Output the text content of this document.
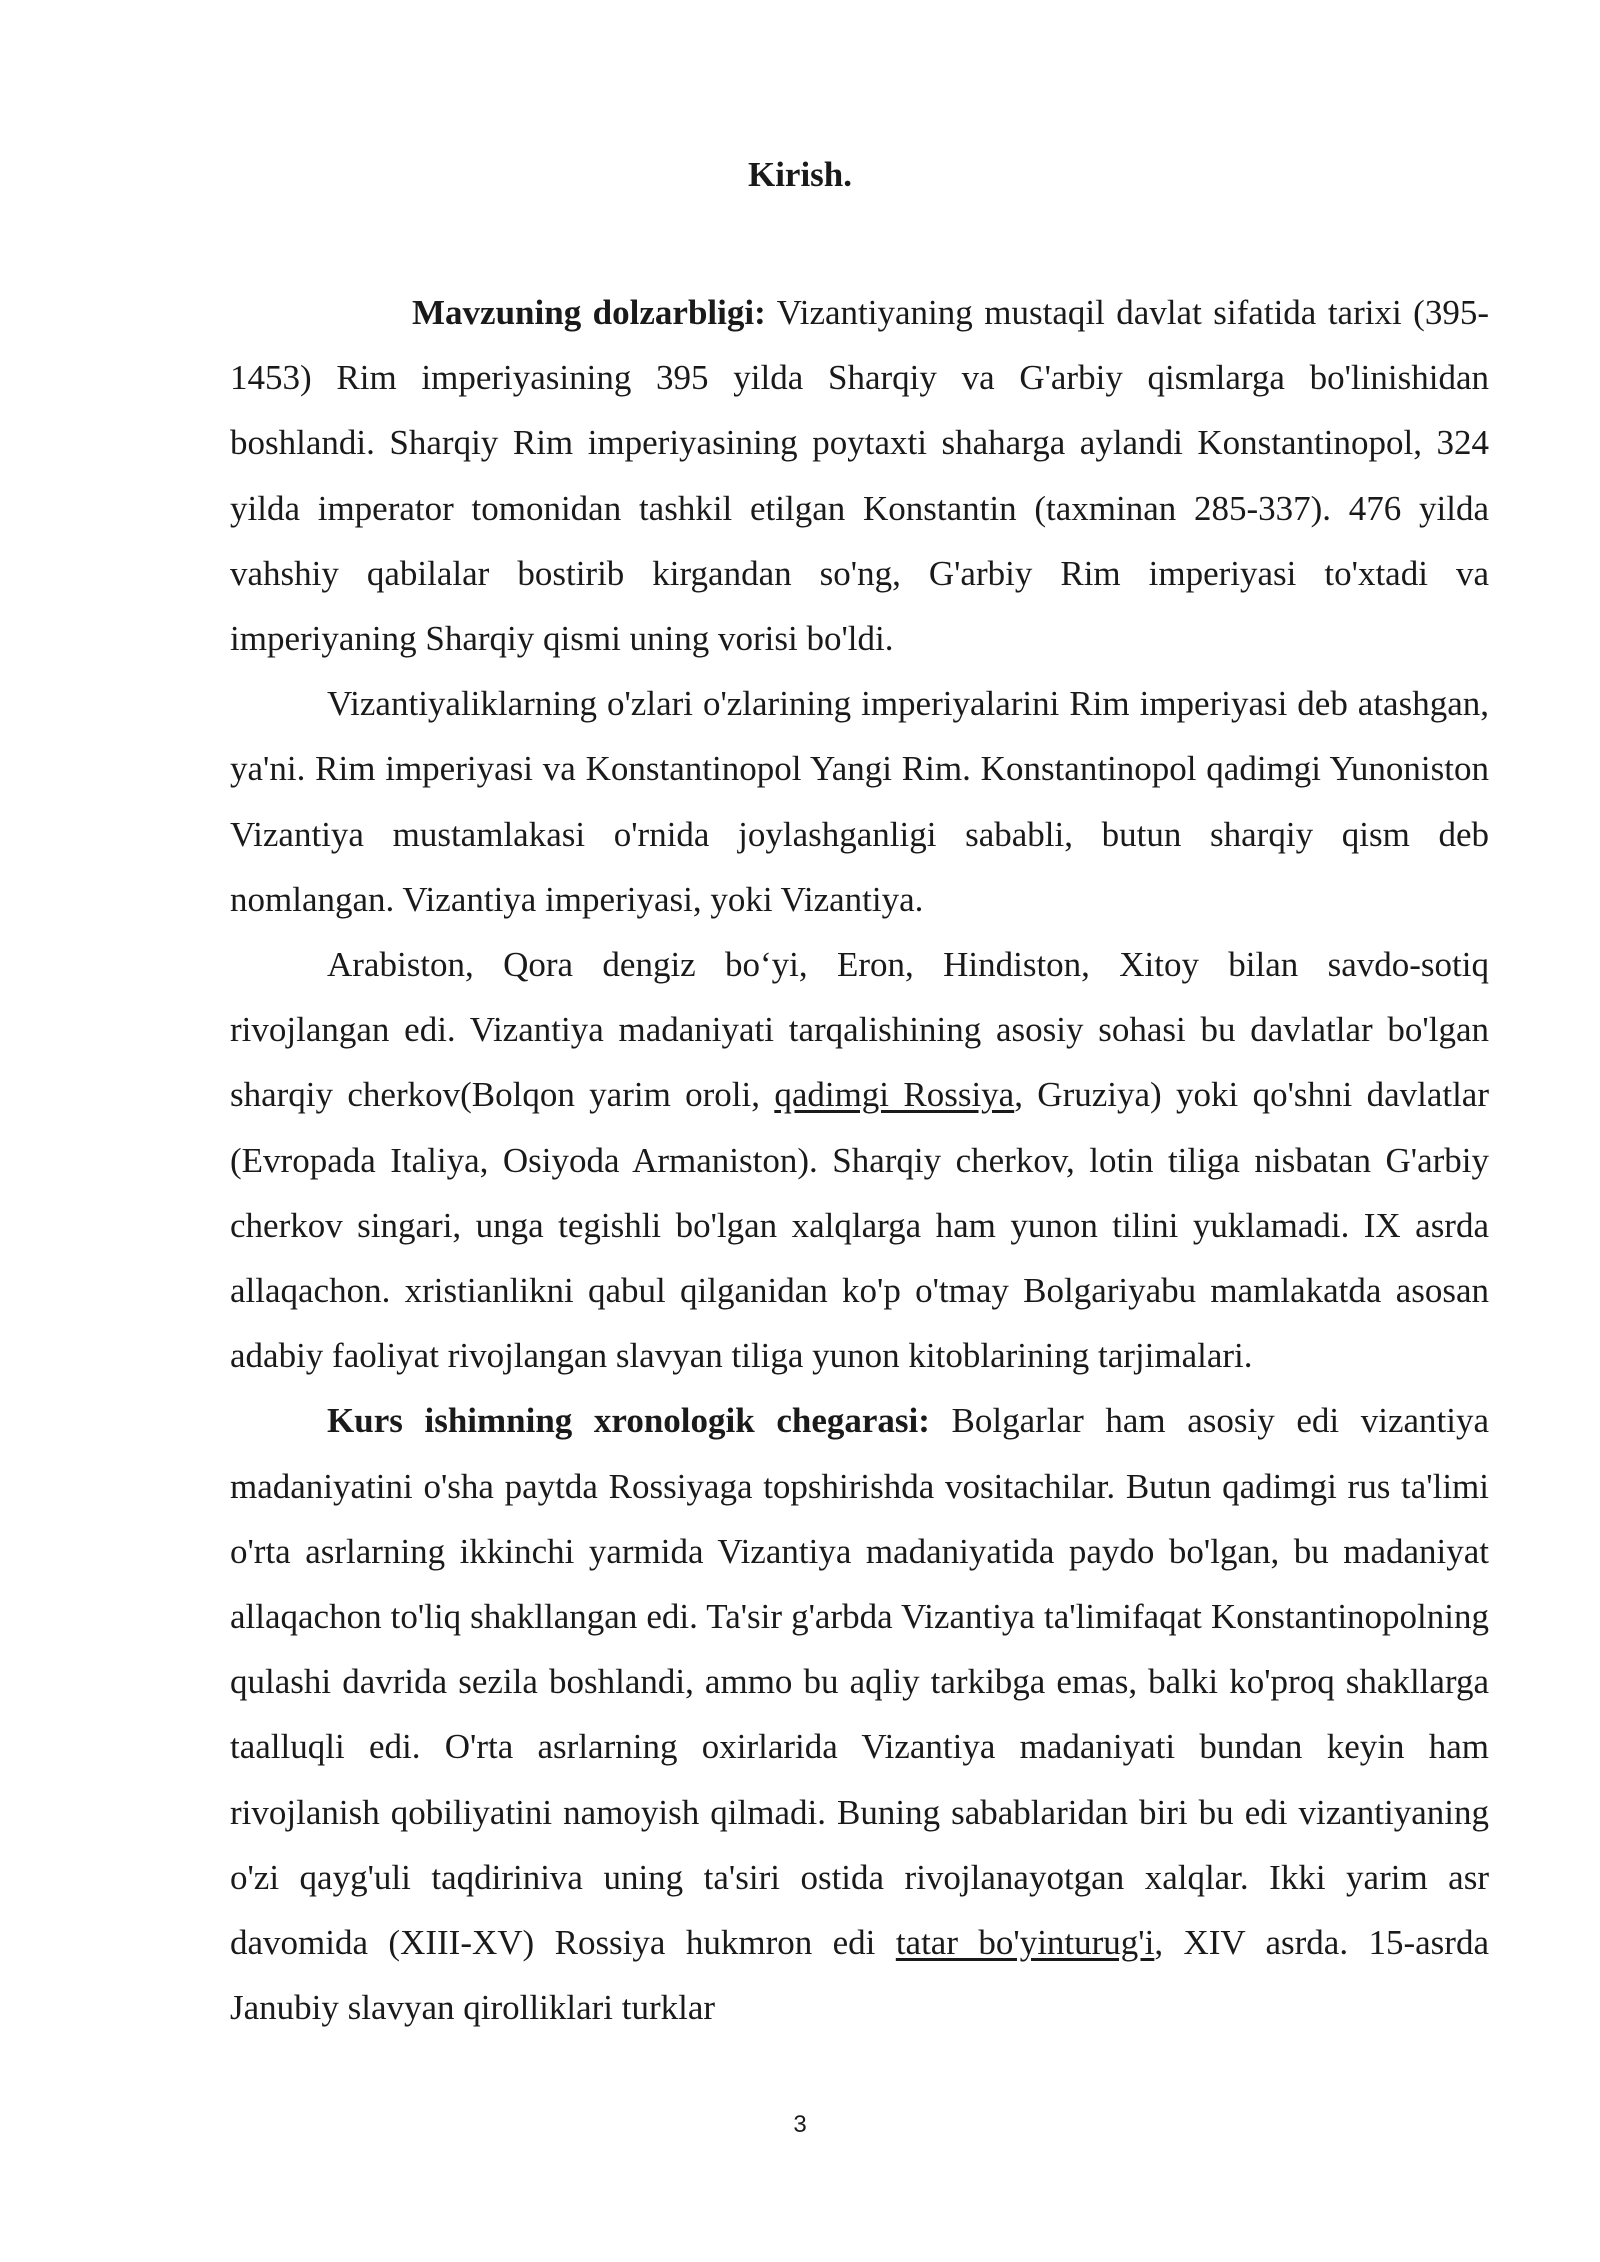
Kirish.

Mavzuning dolzarbligi: Vizantiyaning mustaqil davlat sifatida tarixi (395-1453) Rim imperiyasining 395 yilda Sharqiy va G'arbiy qismlarga bo'linishidan boshlandi. Sharqiy Rim imperiyasining poytaxti shaharga aylandi Konstantinopol, 324 yilda imperator tomonidan tashkil etilgan Konstantin (taxminan 285-337). 476 yilda vahshiy qabilalar bostirib kirgandan so'ng, G'arbiy Rim imperiyasi to'xtadi va imperiyaning Sharqiy qismi uning vorisi bo'ldi.

Vizantiyaliklarning o'zlari o'zlarining imperiyalarini Rim imperiyasi deb atashgan, ya'ni. Rim imperiyasi va Konstantinopol Yangi Rim. Konstantinopol qadimgi Yunoniston Vizantiya mustamlakasi o'rnida joylashganligi sababli, butun sharqiy qism deb nomlangan. Vizantiya imperiyasi, yoki Vizantiya.

Arabiston, Qora dengiz bo‘yi, Eron, Hindiston, Xitoy bilan savdo-sotiq rivojlangan edi. Vizantiya madaniyati tarqalishining asosiy sohasi bu davlatlar bo'lgan sharqiy cherkov(Bolqon yarim oroli, qadimgi Rossiya, Gruziya) yoki qo'shni davlatlar (Evropada Italiya, Osiyoda Armaniston). Sharqiy cherkov, lotin tiliga nisbatan G'arbiy cherkov singari, unga tegishli bo'lgan xalqlarga ham yunon tilini yuklamadi. IX asrda allaqachon. xristianlikni qabul qilganidan ko'p o'tmay Bolgariyabu mamlakatda asosan adabiy faoliyat rivojlangan slavyan tiliga yunon kitoblarining tarjimalari.

Kurs ishimning xronologik chegarasi: Bolgarlar ham asosiy edi vizantiya madaniyatini o'sha paytda Rossiyaga topshirishda vositachilar. Butun qadimgi rus ta'limi o'rta asrlarning ikkinchi yarmida Vizantiya madaniyatida paydo bo'lgan, bu madaniyat allaqachon to'liq shakllangan edi. Ta'sir g'arbda Vizantiya ta'limifaqat Konstantinopolning qulashi davrida sezila boshlandi, ammo bu aqliy tarkibga emas, balki ko'proq shakllarga taalluqli edi. O'rta asrlarning oxirlarida Vizantiya madaniyati bundan keyin ham rivojlanish qobiliyatini namoyish qilmadi. Buning sabablaridan biri bu edi vizantiyaning o'zi qayg'uli taqdiriniva uning ta'siri ostida rivojlanayotgan xalqlar. Ikki yarim asr davomida (XIII-XV) Rossiya hukmron edi tatar bo'yinturug'i, XIV asrda. 15-asrda Janubiy slavyan qirolliklari turklar

3
